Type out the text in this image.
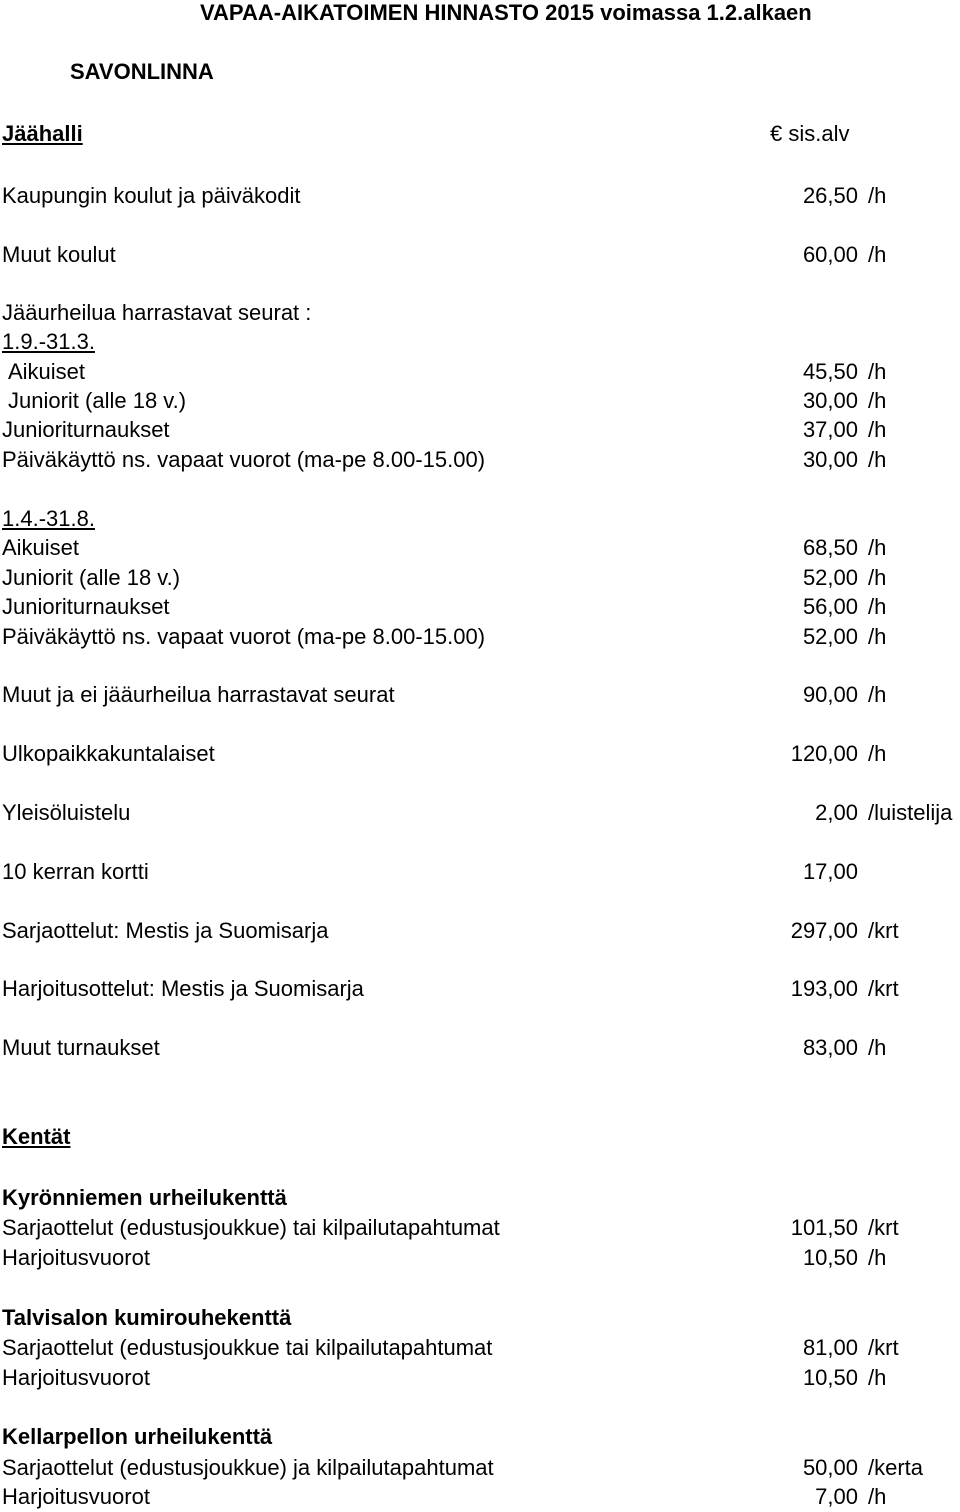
VAPAA-AIKATOIMEN HINNASTO 2015 voimassa 1.2.alkaen
SAVONLINNA
Jäähalli	€ sis.alv
Kaupungin koulut ja päiväkodit	26,50 /h
Muut koulut	60,00 /h
Jääurheilua harrastavat seurat :
1.9.-31.3.
Aikuiset	45,50 /h
Juniorit (alle 18 v.)	30,00 /h
Junioriturnaukset	37,00 /h
Päiväkäyttö ns. vapaat vuorot (ma-pe 8.00-15.00)	30,00 /h
1.4.-31.8.
Aikuiset	68,50 /h
Juniorit (alle 18 v.)	52,00 /h
Junioriturnaukset	56,00 /h
Päiväkäyttö ns. vapaat vuorot (ma-pe 8.00-15.00)	52,00 /h
Muut ja ei jääurheilua harrastavat seurat	90,00 /h
Ulkopaikkakuntalaiset	120,00 /h
Yleisöluistelu	2,00 /luistelija
10 kerran kortti	17,00
Sarjaottelut: Mestis ja Suomisarja	297,00 /krt
Harjoitusottelut: Mestis ja Suomisarja	193,00 /krt
Muut turnaukset	83,00 /h
Kentät
Kyrönniemen urheilukenttä
Sarjaottelut (edustusjoukkue) tai kilpailutapahtumat	101,50 /krt
Harjoitusvuorot	10,50 /h
Talvisalon kumirouhekenttä
Sarjaottelut (edustusjoukkue tai kilpailutapahtumat	81,00 /krt
Harjoitusvuorot	10,50 /h
Kellarpellon urheilukenttä
Sarjaottelut (edustusjoukkue) ja kilpailutapahtumat	50,00 /kerta
Harjoitusvuorot	7,00 /h
